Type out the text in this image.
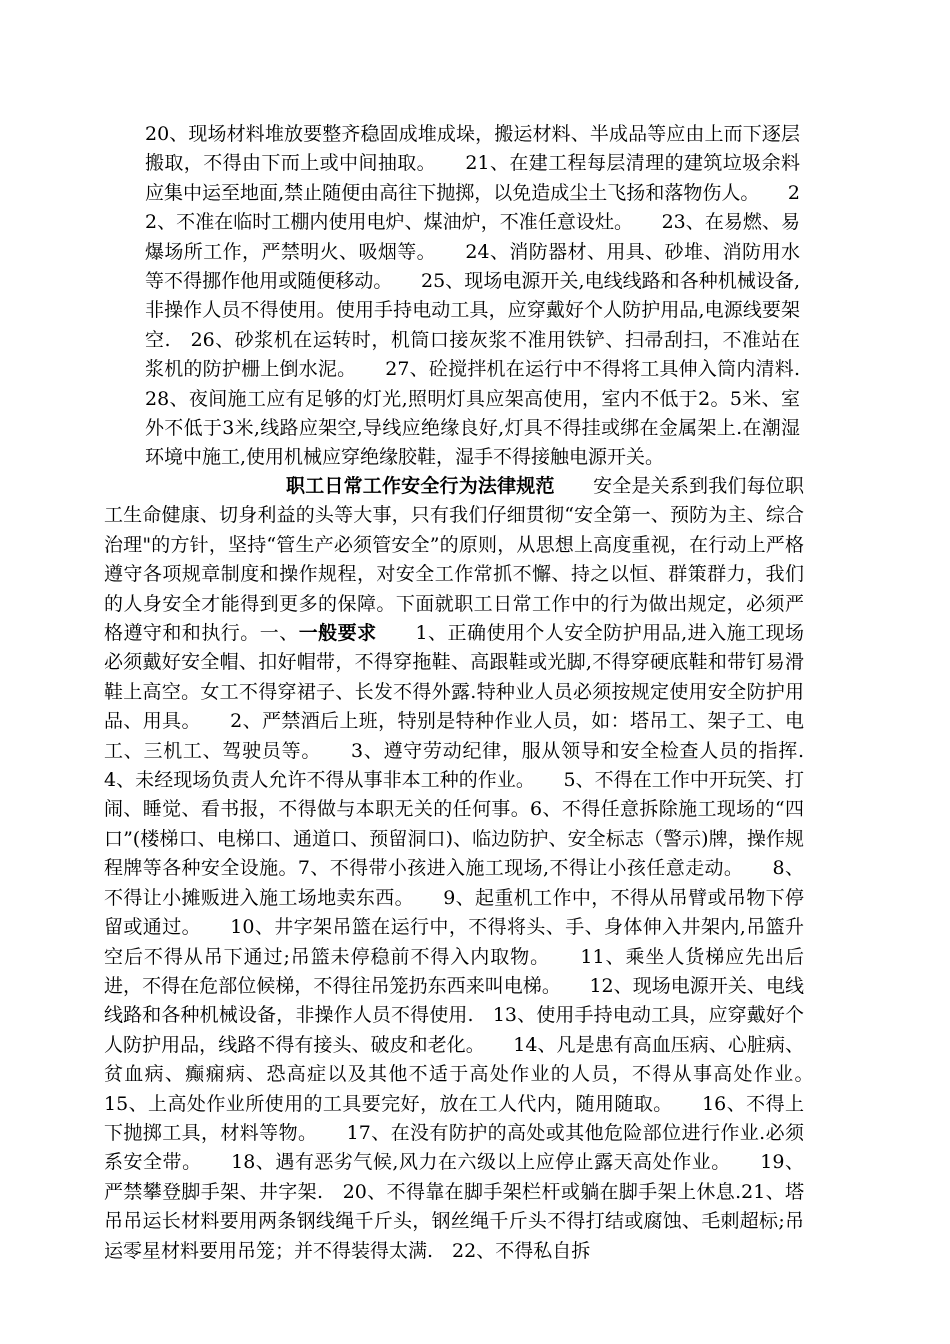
20、现场材料堆放要整齐稳固成堆成垛，搬运材料、半成品等应由上而下逐层搬取，不得由下而上或中间抽取。　　21、在建工程每层清理的建筑垃圾余料应集中运至地面,禁止随便由高往下抛掷，以免造成尘土飞扬和落物伤人。　　22、不准在临时工棚内使用电炉、煤油炉，不准任意设灶。　　23、在易燃、易爆场所工作，严禁明火、吸烟等。　　24、消防器材、用具、砂堆、消防用水等不得挪作他用或随便移动。　　25、现场电源开关,电线线路和各种机械设备,非操作人员不得使用。使用手持电动工具，应穿戴好个人防护用品,电源线要架空.　26、砂浆机在运转时，机筒口接灰浆不准用铁铲、扫帚刮扫，不准站在浆机的防护栅上倒水泥。　　27、砼搅拌机在运行中不得将工具伸入筒内清料.　28、夜间施工应有足够的灯光,照明灯具应架高使用，室内不低于2。5米、室外不低于3米,线路应架空,导线应绝缘良好,灯具不得挂或绑在金属架上.在潮湿环境中施工,使用机械应穿绝缘胶鞋，湿手不得接触电源开关。
职工日常工作安全行为法律规范　　安全是关系到我们每位职工生命健康、切身利益的头等大事，只有我们仔细贯彻“安全第一、预防为主、综合治理"的方针，坚持“管生产必须管安全”的原则，从思想上高度重视，在行动上严格遵守各项规章制度和操作规程，对安全工作常抓不懈、持之以恒、群策群力，我们的人身安全才能得到更多的保障。下面就职工日常工作中的行为做出规定，必须严格遵守和和执行。一、一般要求　　1、正确使用个人安全防护用品,进入施工现场必须戴好安全帽、扣好帽带，不得穿拖鞋、高跟鞋或光脚,不得穿硬底鞋和带钉易滑鞋上高空。女工不得穿裙子、长发不得外露.特种业人员必须按规定使用安全防护用品、用具。　　2、严禁酒后上班，特别是特种作业人员，如：塔吊工、架子工、电工、三机工、驾驶员等。　　3、遵守劳动纪律，服从领导和安全检查人员的指挥.　4、未经现场负责人允许不得从事非本工种的作业。　　5、不得在工作中开玩笑、打闹、睡觉、看书报，不得做与本职无关的任何事。6、不得任意拆除施工现场的“四口”(楼梯口、电梯口、通道口、预留洞口)、临边防护、安全标志（警示)牌，操作规程牌等各种安全设施。7、不得带小孩进入施工现场,不得让小孩任意走动。　　8、不得让小摊贩进入施工场地卖东西。　　9、起重机工作中，不得从吊臂或吊物下停留或通过。　　10、井字架吊篮在运行中，不得将头、手、身体伸入井架内,吊篮升空后不得从吊下通过;吊篮未停稳前不得入内取物。　　11、乘坐人货梯应先出后进，不得在危部位候梯，不得往吊笼扔东西来叫电梯。　　12、现场电源开关、电线线路和各种机械设备，非操作人员不得使用.　13、使用手持电动工具，应穿戴好个人防护用品，线路不得有接头、破皮和老化。　　14、凡是患有高血压病、心脏病、贫血病、癫痫病、恐高症以及其他不适于高处作业的人员，不得从事高处作业。　　15、上高处作业所使用的工具要完好，放在工人代内，随用随取。　　16、不得上下抛掷工具，材料等物。　　17、在没有防护的高处或其他危险部位进行作业.必须系安全带。　　18、遇有恶劣气候,风力在六级以上应停止露天高处作业。　　19、严禁攀登脚手架、井字架.　20、不得靠在脚手架栏杆或躺在脚手架上休息.21、塔吊吊运长材料要用两条钢线绳千斤头，钢丝绳千斤头不得打结或腐蚀、毛刺超标;吊运零星材料要用吊笼；并不得装得太满.　22、不得私自拆
